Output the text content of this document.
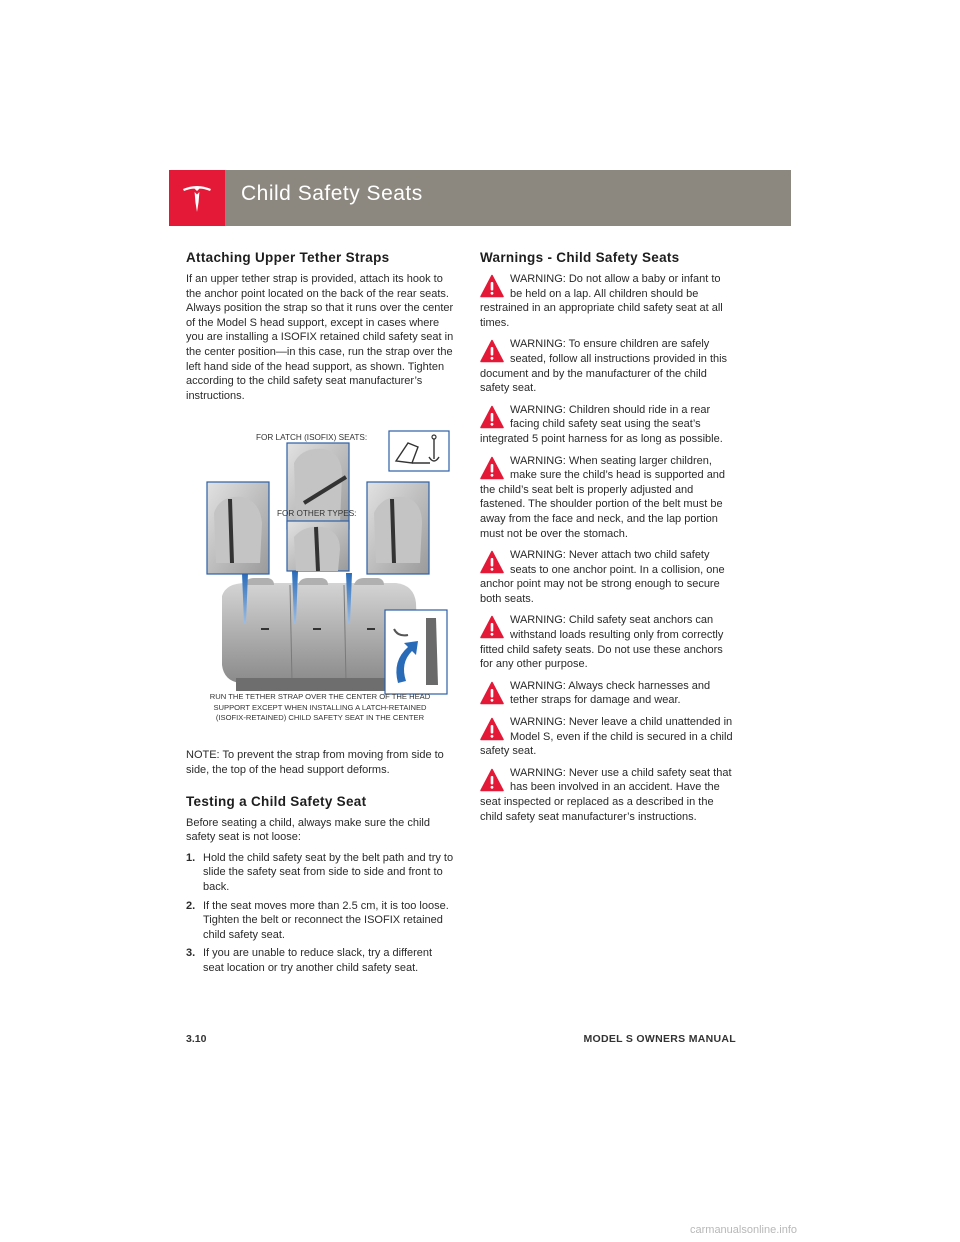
Child Safety Seats
Attaching Upper Tether Straps

If an upper tether strap is provided, attach its hook to the anchor point located on the back of the rear seats. Always position the strap so that it runs over the center of the Model S head support, except in cases where you are installing a ISOFIX retained child safety seat in the center position—in this case, run the strap over the left hand side of the head support, as shown. Tighten according to the child safety seat manufacturer’s instructions.

FOR LATCH (ISOFIX) SEATS:
FOR OTHER TYPES:
RUN THE TETHER STRAP OVER THE CENTER OF THE HEAD
SUPPORT EXCEPT WHEN INSTALLING A LATCH-RETAINED
(ISOFIX-RETAINED) CHILD SAFETY SEAT IN THE CENTER

NOTE: To prevent the strap from moving from side to side, the top of the head support deforms.

Testing a Child Safety Seat

Before seating a child, always make sure the child safety seat is not loose:

1. Hold the child safety seat by the belt path and try to slide the safety seat from side to side and front to back.
2. If the seat moves more than 2.5 cm, it is too loose. Tighten the belt or reconnect the ISOFIX retained child safety seat.
3. If you are unable to reduce slack, try a different seat location or try another child safety seat.
Warnings - Child Safety Seats
WARNING: Do not allow a baby or infant to be held on a lap. All children should be restrained in an appropriate child safety seat at all times.
WARNING: To ensure children are safely seated, follow all instructions provided in this document and by the manufacturer of the child safety seat.
WARNING: Children should ride in a rear facing child safety seat using the seat’s integrated 5 point harness for as long as possible.
WARNING: When seating larger children, make sure the child’s head is supported and the child’s seat belt is properly adjusted and fastened. The shoulder portion of the belt must be away from the face and neck, and the lap portion must not be over the stomach.
WARNING: Never attach two child safety seats to one anchor point. In a collision, one anchor point may not be strong enough to secure both seats.
WARNING: Child safety seat anchors can withstand loads resulting only from correctly fitted child safety seats. Do not use these anchors for any other purpose.
WARNING: Always check harnesses and tether straps for damage and wear.
WARNING: Never leave a child unattended in Model S, even if the child is secured in a child safety seat.
WARNING: Never use a child safety seat that has been involved in an accident. Have the seat inspected or replaced as a described in the child safety seat manufacturer’s instructions.
3.10	MODEL S OWNERS MANUAL
carmanualsonline.info
